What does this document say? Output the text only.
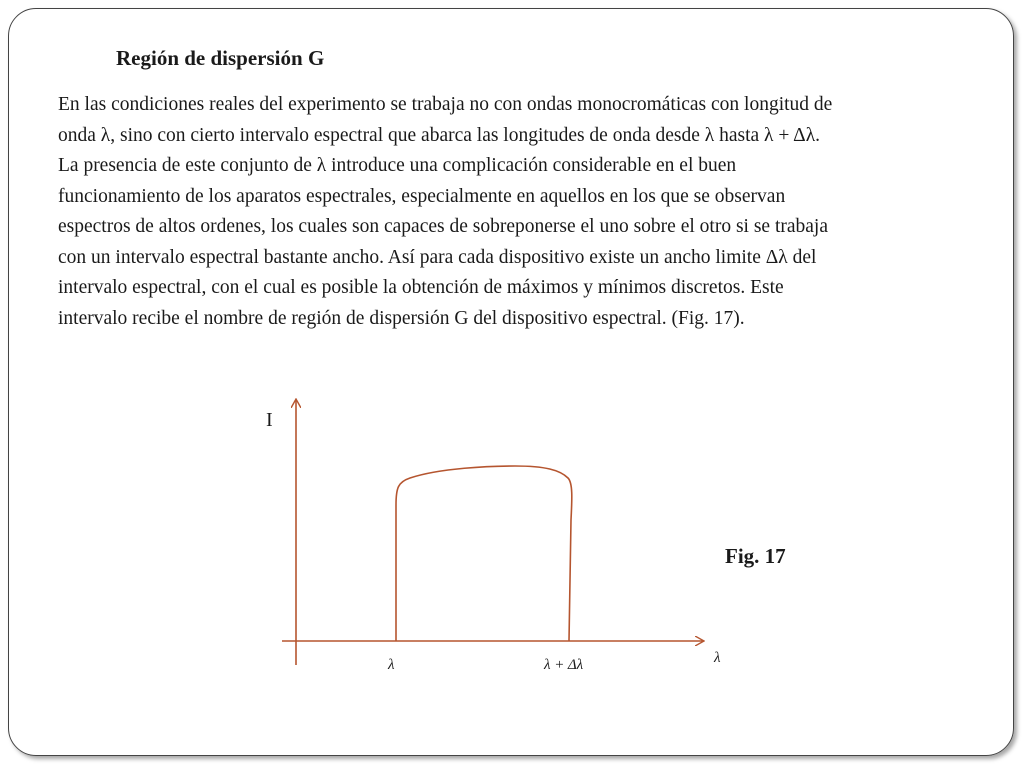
Región de dispersión G

En las condiciones reales del experimento se trabaja no con ondas monocromáticas con longitud de
onda λ, sino con cierto intervalo espectral que abarca las longitudes de onda desde λ hasta λ + Δλ.
La presencia de este conjunto de λ introduce una complicación considerable en el buen
funcionamiento de los aparatos espectrales, especialmente en aquellos en los que se observan
espectros de altos ordenes, los cuales son capaces de sobreponerse el uno sobre el otro si se trabaja
con un intervalo espectral bastante ancho. Así para cada dispositivo existe un ancho limite Δλ del
intervalo espectral, con el cual es posible la obtención de máximos y mínimos discretos. Este
intervalo recibe el nombre de región de dispersión G del dispositivo espectral. (Fig. 17).

I
λ
λ	λ + Δλ
Fig. 17
